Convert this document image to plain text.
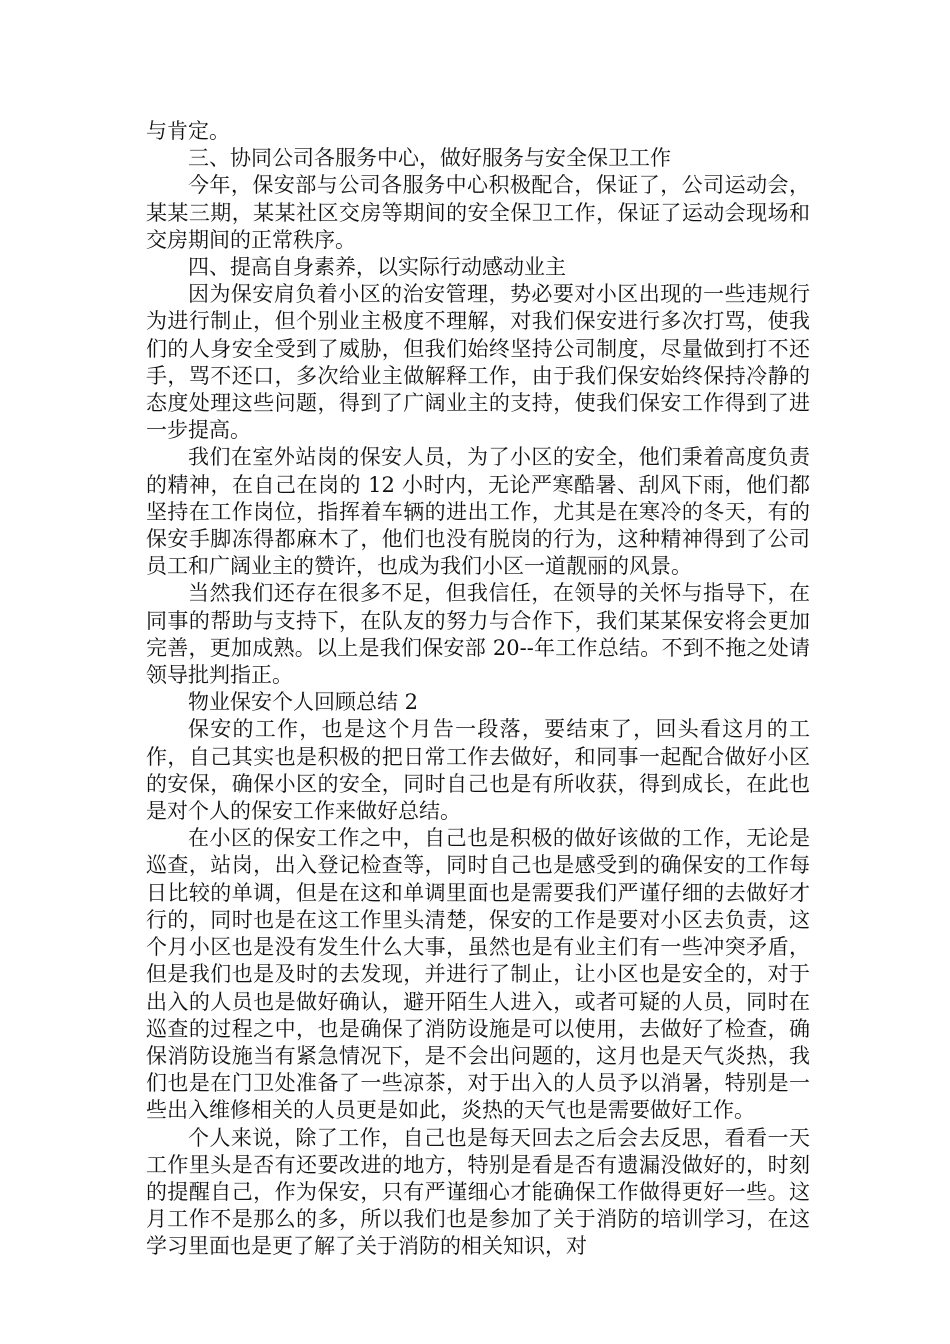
与肯定。

三、协同公司各服务中心，做好服务与安全保卫工作

今年，保安部与公司各服务中心积极配合，保证了，公司运动会，某某三期，某某社区交房等期间的安全保卫工作，保证了运动会现场和交房期间的正常秩序。

四、提高自身素养，以实际行动感动业主

因为保安肩负着小区的治安管理，势必要对小区出现的一些违规行为进行制止，但个别业主极度不理解，对我们保安进行多次打骂，使我们的人身安全受到了威胁，但我们始终坚持公司制度，尽量做到打不还手，骂不还口，多次给业主做解释工作，由于我们保安始终保持冷静的态度处理这些问题，得到了广阔业主的支持，使我们保安工作得到了进一步提高。

我们在室外站岗的保安人员，为了小区的安全，他们秉着高度负责的精神，在自己在岗的 12 小时内，无论严寒酷暑、刮风下雨，他们都坚持在工作岗位，指挥着车辆的进出工作，尤其是在寒冷的冬天，有的保安手脚冻得都麻木了，他们也没有脱岗的行为，这种精神得到了公司员工和广阔业主的赞许，也成为我们小区一道靓丽的风景。

当然我们还存在很多不足，但我信任，在领导的关怀与指导下，在同事的帮助与支持下，在队友的努力与合作下，我们某某保安将会更加完善，更加成熟。以上是我们保安部 20--年工作总结。不到不拖之处请领导批判指正。

物业保安个人回顾总结 2

保安的工作，也是这个月告一段落，要结束了，回头看这月的工作，自己其实也是积极的把日常工作去做好，和同事一起配合做好小区的安保，确保小区的安全，同时自己也是有所收获，得到成长，在此也是对个人的保安工作来做好总结。

在小区的保安工作之中，自己也是积极的做好该做的工作，无论是巡查，站岗，出入登记检查等，同时自己也是感受到的确保安的工作每日比较的单调，但是在这和单调里面也是需要我们严谨仔细的去做好才行的，同时也是在这工作里头清楚，保安的工作是要对小区去负责，这个月小区也是没有发生什么大事，虽然也是有业主们有一些冲突矛盾，但是我们也是及时的去发现，并进行了制止，让小区也是安全的，对于出入的人员也是做好确认，避开陌生人进入，或者可疑的人员，同时在巡查的过程之中，也是确保了消防设施是可以使用，去做好了检查，确保消防设施当有紧急情况下，是不会出问题的，这月也是天气炎热，我们也是在门卫处准备了一些凉茶，对于出入的人员予以消暑，特别是一些出入维修相关的人员更是如此，炎热的天气也是需要做好工作。

个人来说，除了工作，自己也是每天回去之后会去反思，看看一天工作里头是否有还要改进的地方，特别是看是否有遗漏没做好的，时刻的提醒自己，作为保安，只有严谨细心才能确保工作做得更好一些。这月工作不是那么的多，所以我们也是参加了关于消防的培训学习，在这学习里面也是更了解了关于消防的相关知识，对
